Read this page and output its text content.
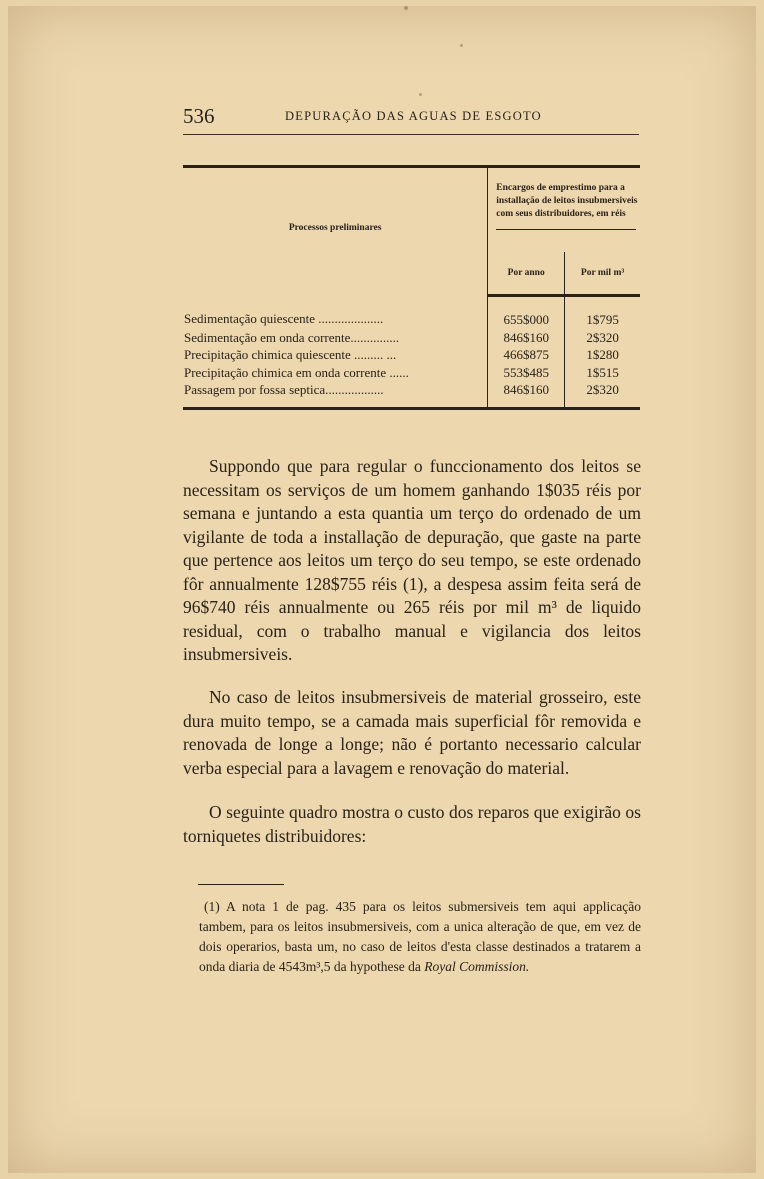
536	DEPURAÇÃO DAS AGUAS DE ESGOTO
Processos preliminares	Encargos de emprestimo para a installação de leitos insubmersiveis com seus distribuidores, em réis	

	Por anno	Por mil m³
Sedimentação quiescente ....................	655$000	1$795
Sedimentação em onda corrente...............	846$160	2$320
Precipitação chimica quiescente ......... ...	466$875	1$280
Precipitação chimica em onda corrente ......	553$485	1$515
Passagem por fossa septica..................	846$160	2$320

Suppondo que para regular o funccionamento dos leitos se necessitam os serviços de um homem ganhando 1$035 réis por semana e juntando a esta quantia um terço do ordenado de um vigilante de toda a installação de depuração, que gaste na parte que pertence aos leitos um terço do seu tempo, se este ordenado fôr annualmente 128$755 réis (1), a despesa assim feita será de 96$740 réis annualmente ou 265 réis por mil m³ de liquido residual, com o trabalho manual e vigilancia dos leitos insubmersiveis.

No caso de leitos insubmersiveis de material grosseiro, este dura muito tempo, se a camada mais superficial fôr removida e renovada de longe a longe; não é portanto necessario calcular verba especial para a lavagem e renovação do material.

O seguinte quadro mostra o custo dos reparos que exigirão os torniquetes distribuidores:

(1) A nota 1 de pag. 435 para os leitos submersiveis tem aqui applicação tambem, para os leitos insubmersiveis, com a unica alteração de que, em vez de dois operarios, basta um, no caso de leitos d'esta classe destinados a tratarem a onda diaria de 4543m³,5 da hypothese da Royal Commission.
